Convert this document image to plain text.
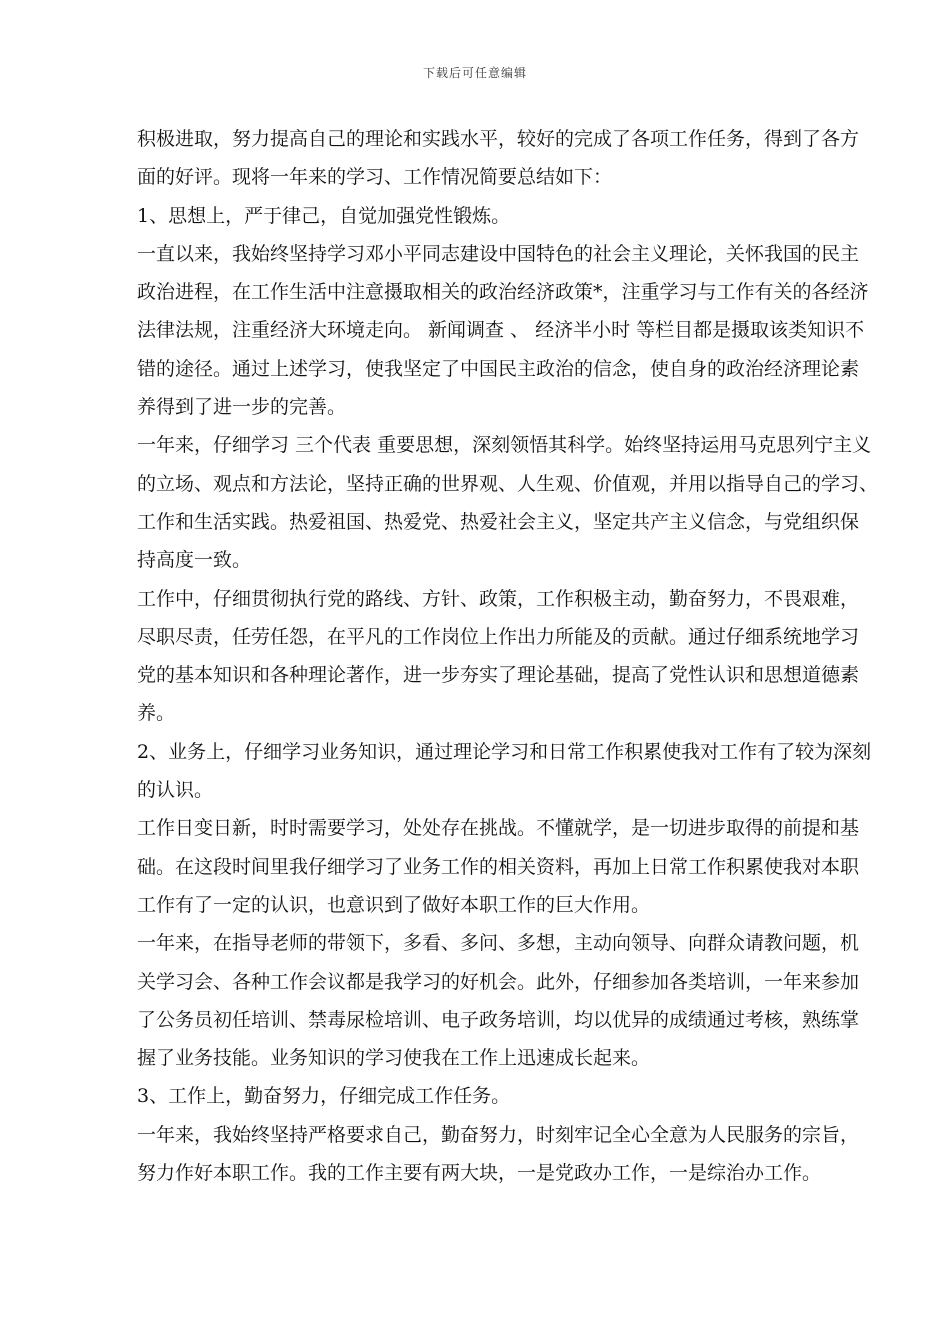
下载后可任意编辑
积极进取，努力提高自己的理论和实践水平，较好的完成了各项工作任务，得到了各方
面的好评。现将一年来的学习、工作情况简要总结如下：
1、思想上，严于律己，自觉加强党性锻炼。
一直以来，我始终坚持学习邓小平同志建设中国特色的社会主义理论，关怀我国的民主
政治进程，在工作生活中注意摄取相关的政治经济政策*，注重学习与工作有关的各经济
法律法规，注重经济大环境走向。 新闻调查 、 经济半小时 等栏目都是摄取该类知识不
错的途径。通过上述学习，使我坚定了中国民主政治的信念，使自身的政治经济理论素
养得到了进一步的完善。
一年来，仔细学习 三个代表 重要思想，深刻领悟其科学。始终坚持运用马克思列宁主义
的立场、观点和方法论，坚持正确的世界观、人生观、价值观，并用以指导自己的学习、
工作和生活实践。热爱祖国、热爱党、热爱社会主义，坚定共产主义信念，与党组织保
持高度一致。
工作中，仔细贯彻执行党的路线、方针、政策，工作积极主动，勤奋努力，不畏艰难，
尽职尽责，任劳任怨，在平凡的工作岗位上作出力所能及的贡献。通过仔细系统地学习
党的基本知识和各种理论著作，进一步夯实了理论基础，提高了党性认识和思想道德素
养。
2、业务上，仔细学习业务知识，通过理论学习和日常工作积累使我对工作有了较为深刻
的认识。
工作日变日新，时时需要学习，处处存在挑战。不懂就学，是一切进步取得的前提和基
础。在这段时间里我仔细学习了业务工作的相关资料，再加上日常工作积累使我对本职
工作有了一定的认识，也意识到了做好本职工作的巨大作用。
一年来，在指导老师的带领下，多看、多问、多想，主动向领导、向群众请教问题，机
关学习会、各种工作会议都是我学习的好机会。此外，仔细参加各类培训，一年来参加
了公务员初任培训、禁毒尿检培训、电子政务培训，均以优异的成绩通过考核，熟练掌
握了业务技能。业务知识的学习使我在工作上迅速成长起来。
3、工作上，勤奋努力，仔细完成工作任务。
一年来，我始终坚持严格要求自己，勤奋努力，时刻牢记全心全意为人民服务的宗旨，
努力作好本职工作。我的工作主要有两大块，一是党政办工作，一是综治办工作。
